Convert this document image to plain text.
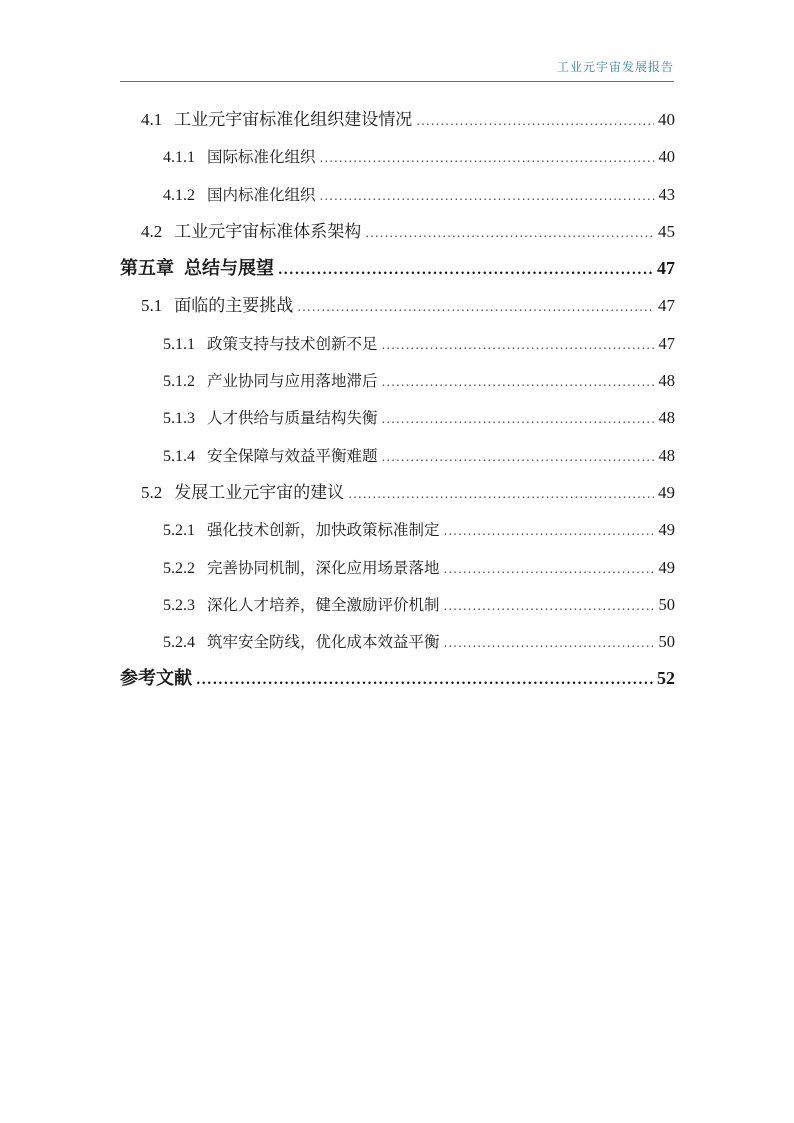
工业元宇宙发展报告
4.1 工业元宇宙标准化组织建设情况 .....	40
4.1.1 国际标准化组织 .....	40
4.1.2 国内标准化组织 .....	43
4.2 工业元宇宙标准体系架构 .....	45
第五章 总结与展望 .....	47
5.1 面临的主要挑战 .....	47
5.1.1 政策支持与技术创新不足 .....	47
5.1.2 产业协同与应用落地滞后 .....	48
5.1.3 人才供给与质量结构失衡 .....	48
5.1.4 安全保障与效益平衡难题 .....	48
5.2 发展工业元宇宙的建议 .....	49
5.2.1 强化技术创新，加快政策标准制定 .....	49
5.2.2 完善协同机制，深化应用场景落地 .....	49
5.2.3 深化人才培养，健全激励评价机制 .....	50
5.2.4 筑牢安全防线，优化成本效益平衡 .....	50
参考文献 .....	52
